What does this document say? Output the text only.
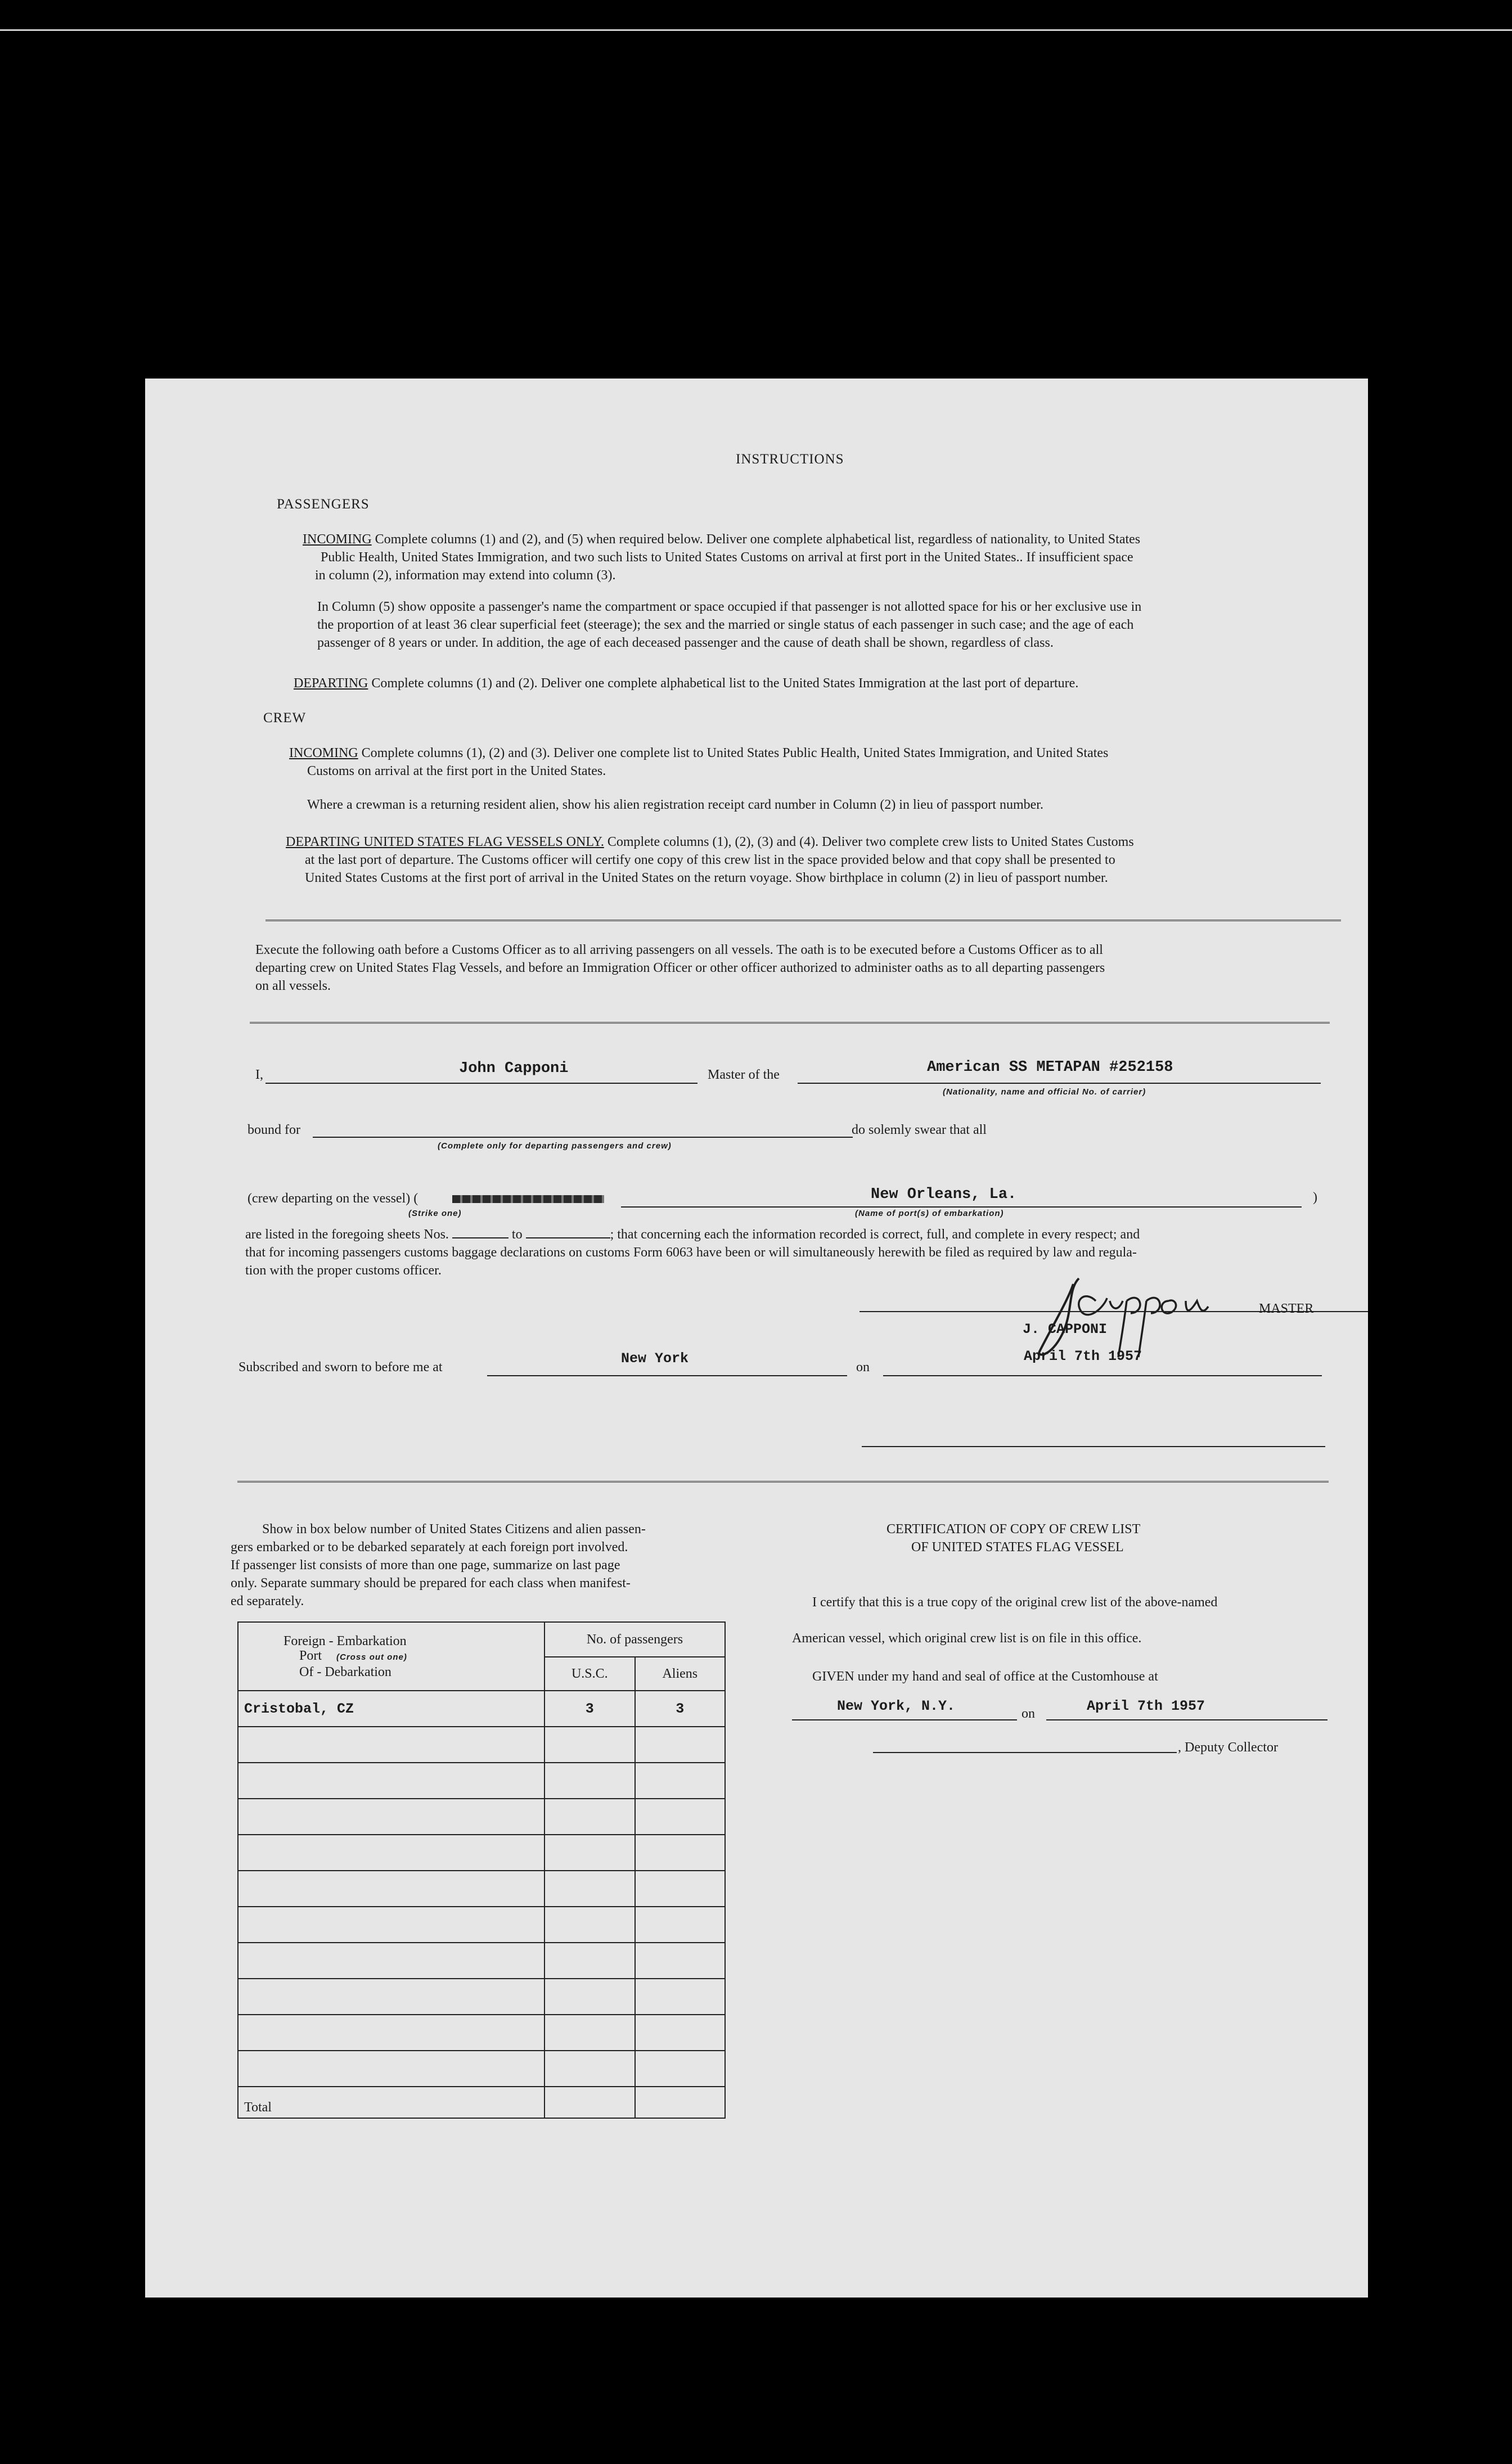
INSTRUCTIONS
PASSENGERS
INCOMING Complete columns (1) and (2), and (5) when required below. Deliver one complete alphabetical list, regardless of nationality, to United States
Public Health, United States Immigration, and two such lists to United States Customs on arrival at first port in the United States.. If insufficient space
in column (2), information may extend into column (3).
In Column (5) show opposite a passenger's name the compartment or space occupied if that passenger is not allotted space for his or her exclusive use in
the proportion of at least 36 clear superficial feet (steerage); the sex and the married or single status of each passenger in such case; and the age of each
passenger of 8 years or under. In addition, the age of each deceased passenger and the cause of death shall be shown, regardless of class.
DEPARTING Complete columns (1) and (2). Deliver one complete alphabetical list to the United States Immigration at the last port of departure.
CREW
INCOMING Complete columns (1), (2) and (3). Deliver one complete list to United States Public Health, United States Immigration, and United States
Customs on arrival at the first port in the United States.
Where a crewman is a returning resident alien, show his alien registration receipt card number in Column (2) in lieu of passport number.
DEPARTING UNITED STATES FLAG VESSELS ONLY. Complete columns (1), (2), (3) and (4). Deliver two complete crew lists to United States Customs
at the last port of departure. The Customs officer will certify one copy of this crew list in the space provided below and that copy shall be presented to
United States Customs at the first port of arrival in the United States on the return voyage. Show birthplace in column (2) in lieu of passport number.
Execute the following oath before a Customs Officer as to all arriving passengers on all vessels. The oath is to be executed before a Customs Officer as to all
departing crew on United States Flag Vessels, and before an Immigration Officer or other officer authorized to administer oaths as to all departing passengers
on all vessels.
I,	John Capponi	Master of the	American SS METAPAN #252158
(Nationality, name and official No. of carrier)
bound for
(Complete only for departing passengers and crew)
do solemly swear that all
(crew departing on the vessel) (
(Strike one)
New Orleans, La.
(Name of port(s) of embarkation)
)
are listed in the foregoing sheets Nos.	to	; that concerning each the information recorded is correct, full, and complete in every respect; and
that for incoming passengers customs baggage declarations on customs Form 6063 have been or will simultaneously herewith be filed as required by law and regula-
tion with the proper customs officer.
J. CAPPONI
MASTER
Subscribed and sworn to before me at
New York
on
April 7th 1957
Show in box below number of United States Citizens and alien passen-
gers embarked or to be debarked separately at each foreign port involved.
If passenger list consists of more than one page, summarize on last page
only. Separate summary should be prepared for each class when manifest-
ed separately.
Foreign - Embarkation
Port (Cross out one)
Of - Debarkation	No. of passengers	
	U.S.C.	Aliens
Cristobal, CZ	3	3

Total		
CERTIFICATION OF COPY OF CREW LIST
OF UNITED STATES FLAG VESSEL
I certify that this is a true copy of the original crew list of the above-named
American vessel, which original crew list is on file in this office.
GIVEN under my hand and seal of office at the Customhouse at
New York, N.Y.	on	April 7th 1957
, Deputy Collector
